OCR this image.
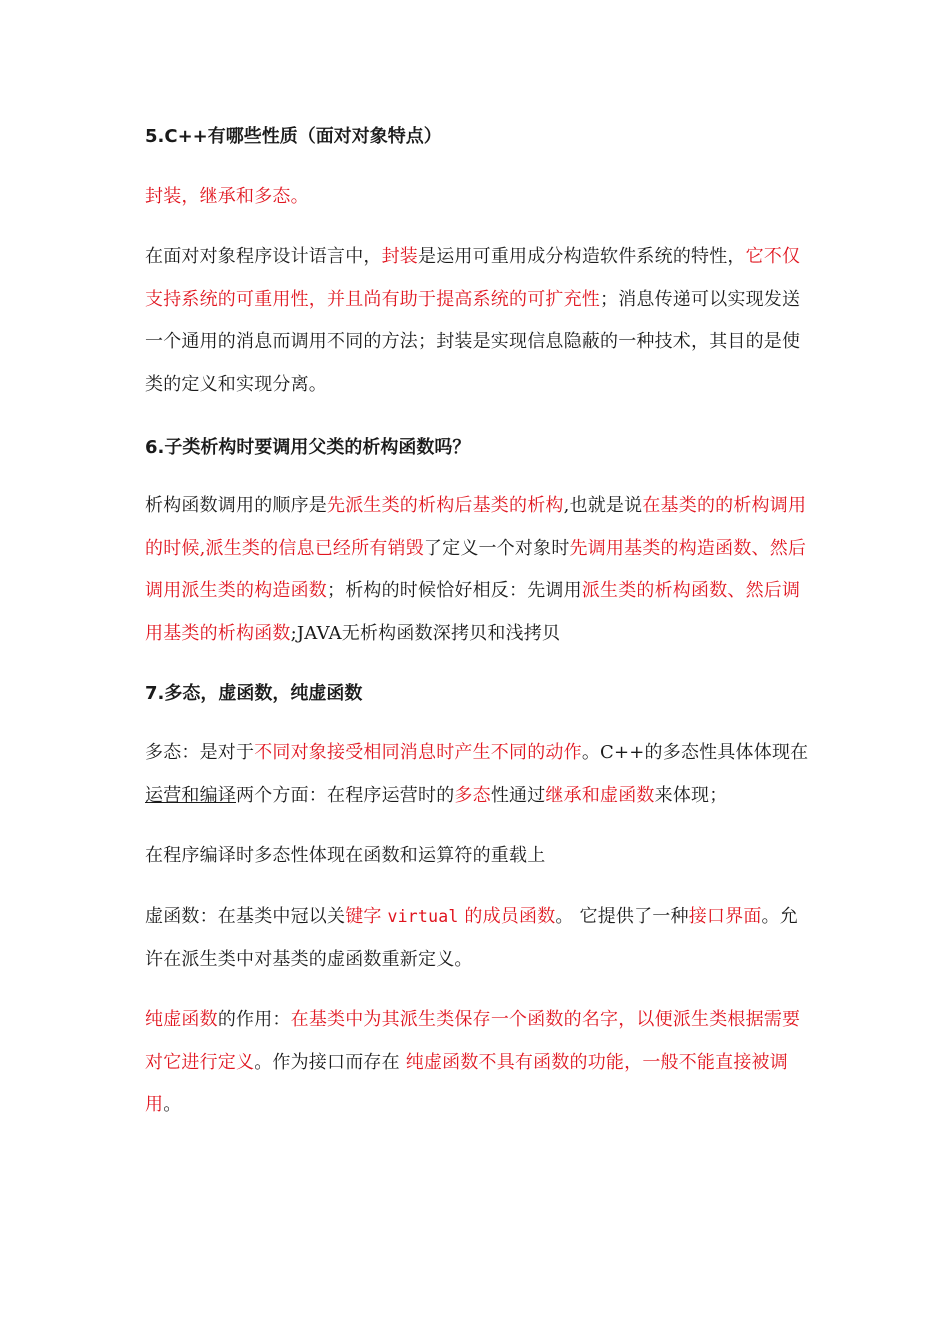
5.C++有哪些性质（面对对象特点）
封装，继承和多态。
在面对对象程序设计语言中，封装是运用可重用成分构造软件系统的特性，它不仅支持系统的可重用性，并且尚有助于提高系统的可扩充性；消息传递可以实现发送一个通用的消息而调用不同的方法；封装是实现信息隐蔽的一种技术，其目的是使类的定义和实现分离。
6.子类析构时要调用父类的析构函数吗？
析构函数调用的顺序是先派生类的析构后基类的析构,也就是说在基类的的析构调用的时候,派生类的信息已经所有销毁了定义一个对象时先调用基类的构造函数、然后调用派生类的构造函数；析构的时候恰好相反：先调用派生类的析构函数、然后调用基类的析构函数;JAVA无析构函数深拷贝和浅拷贝
7.多态，虚函数，纯虚函数
多态：是对于不同对象接受相同消息时产生不同的动作。C++的多态性具体体现在运营和编译两个方面：在程序运营时的多态性通过继承和虚函数来体现；
在程序编译时多态性体现在函数和运算符的重载上
虚函数：在基类中冠以关键字 virtual 的成员函数。 它提供了一种接口界面。允许在派生类中对基类的虚函数重新定义。
纯虚函数的作用：在基类中为其派生类保存一个函数的名字，以便派生类根据需要对它进行定义。作为接口而存在 纯虚函数不具有函数的功能，一般不能直接被调用。
